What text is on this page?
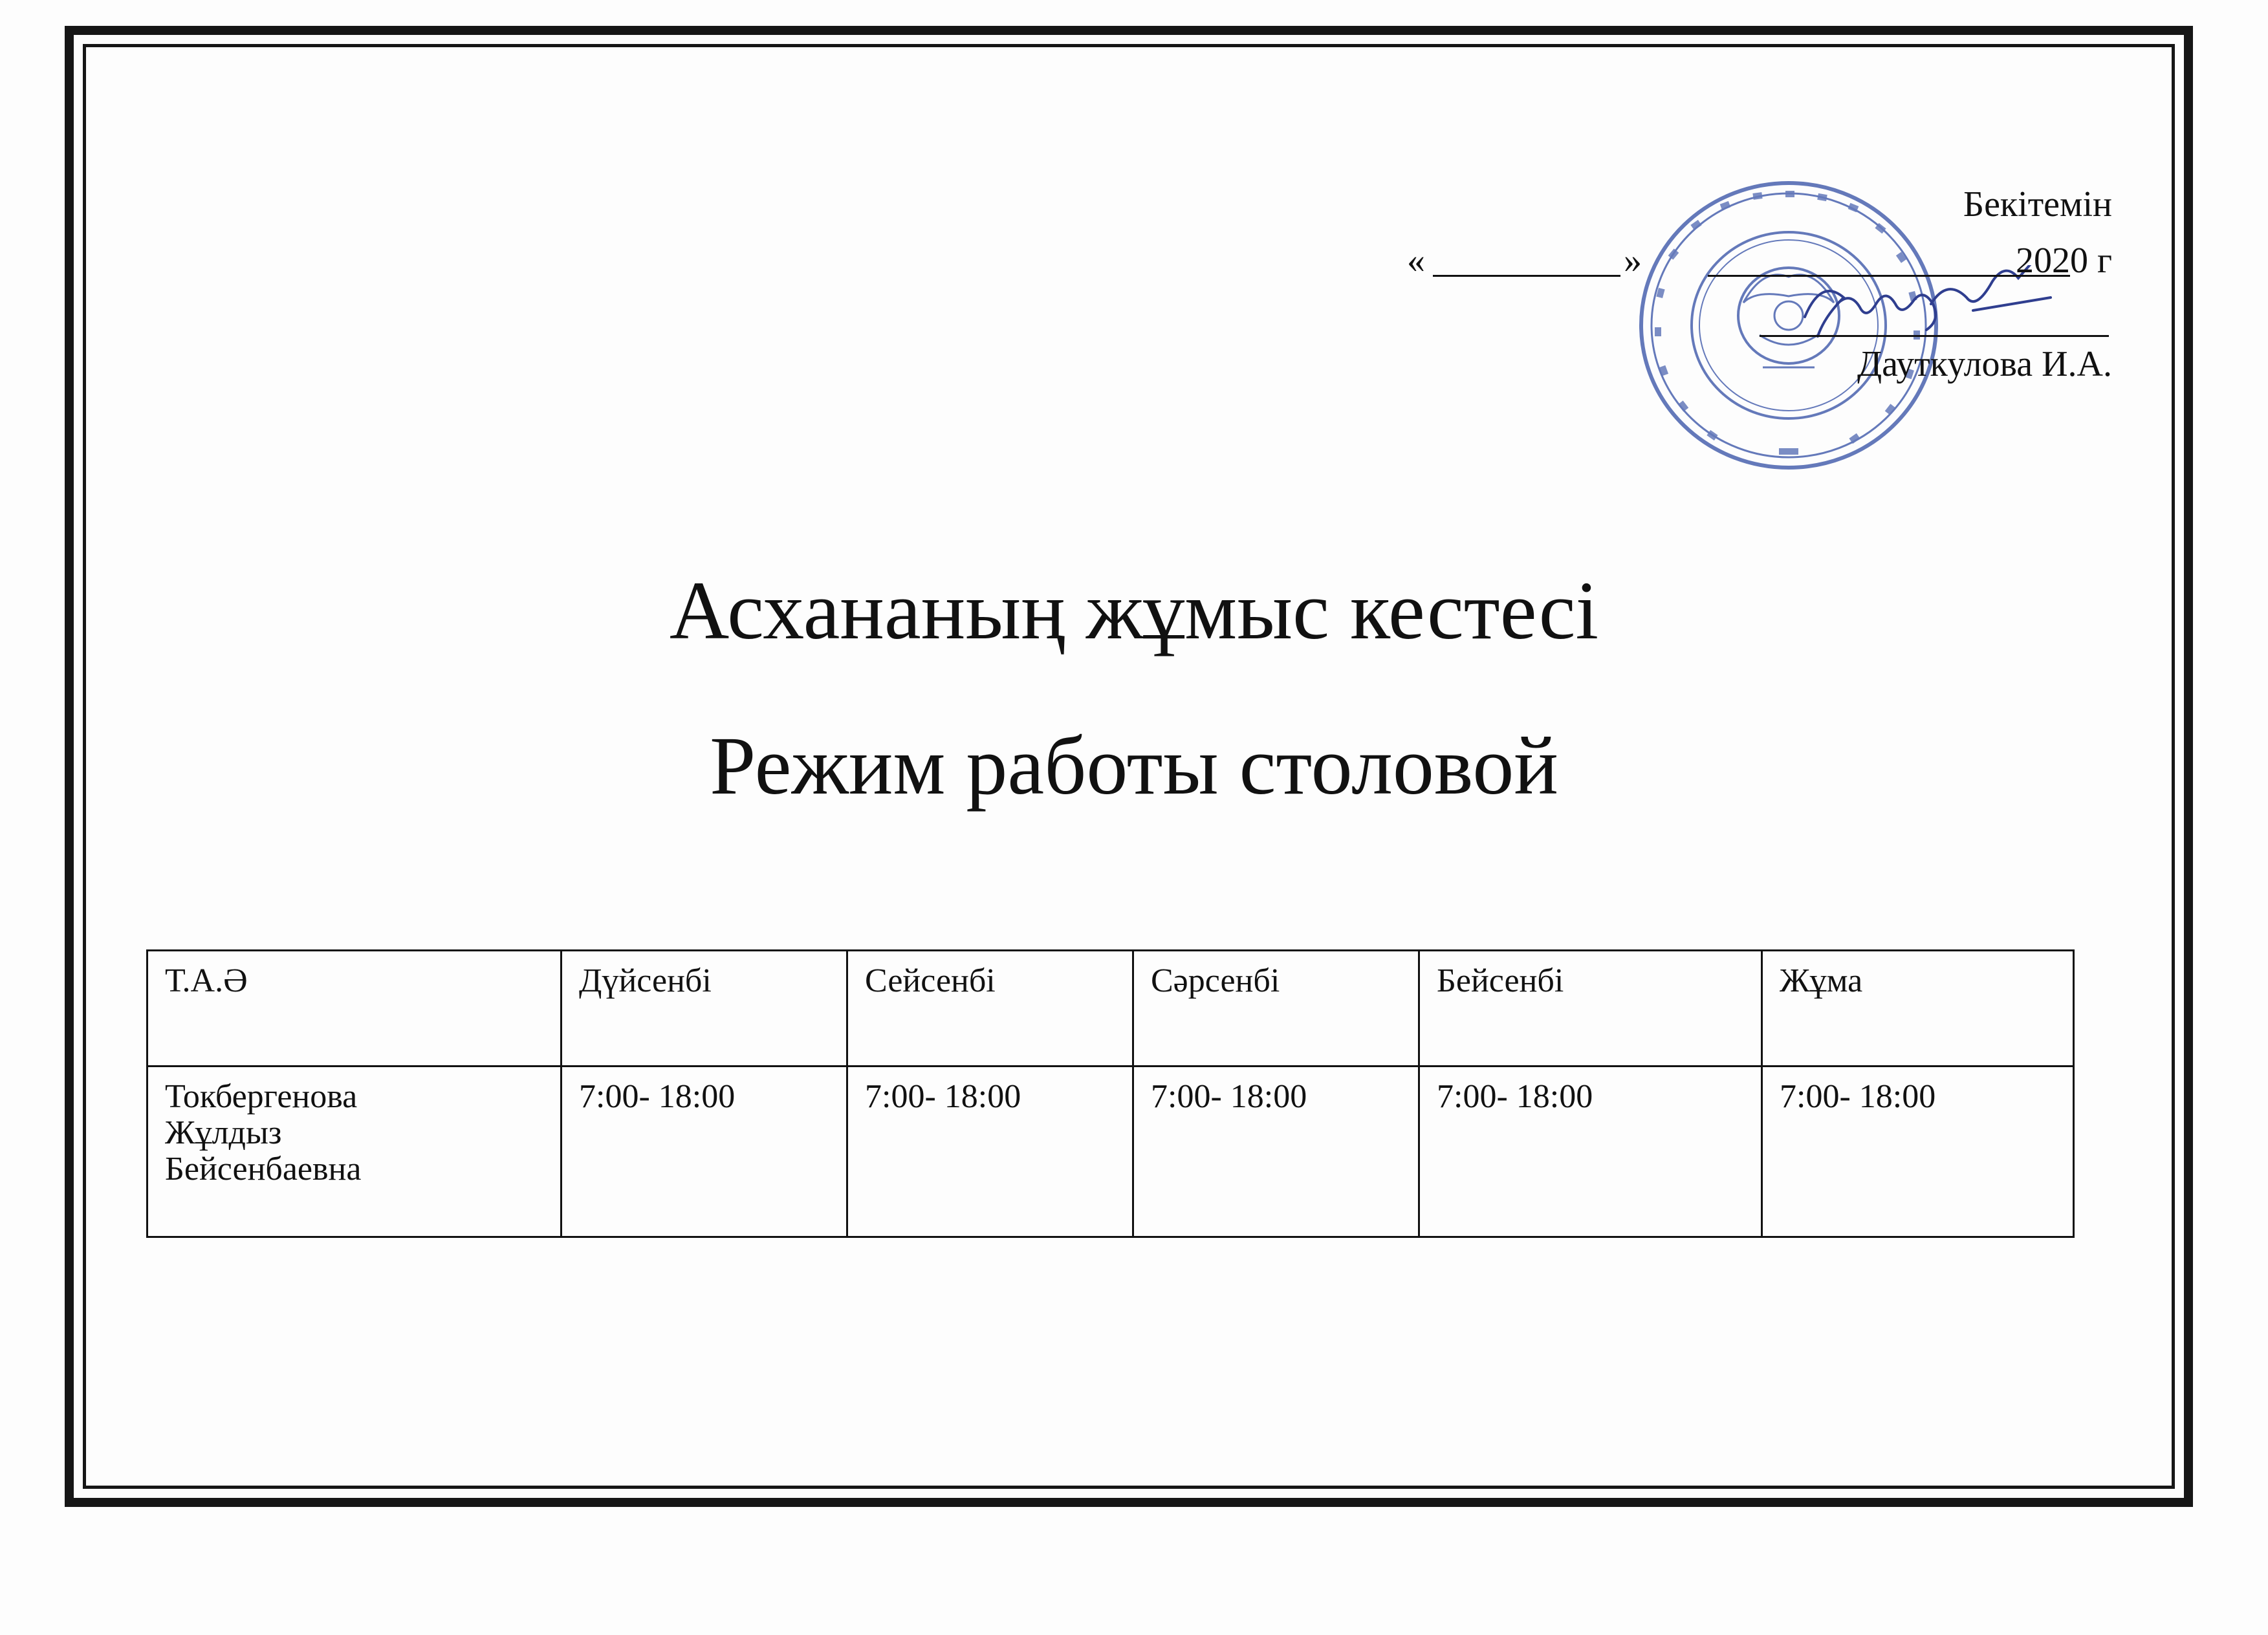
Бекітемін
«	»	2020 г
Дауткулова И.А.
Асхананың жұмыс кестесі
Режим работы столовой
Т.А.Ә	Дүйсенбі	Сейсенбі	Сәрсенбі	Бейсенбі	Жұма

Токбергенова
Жұлдыз
Бейсенбаевна	7:00- 18:00	7:00- 18:00	7:00- 18:00	7:00- 18:00	7:00- 18:00
